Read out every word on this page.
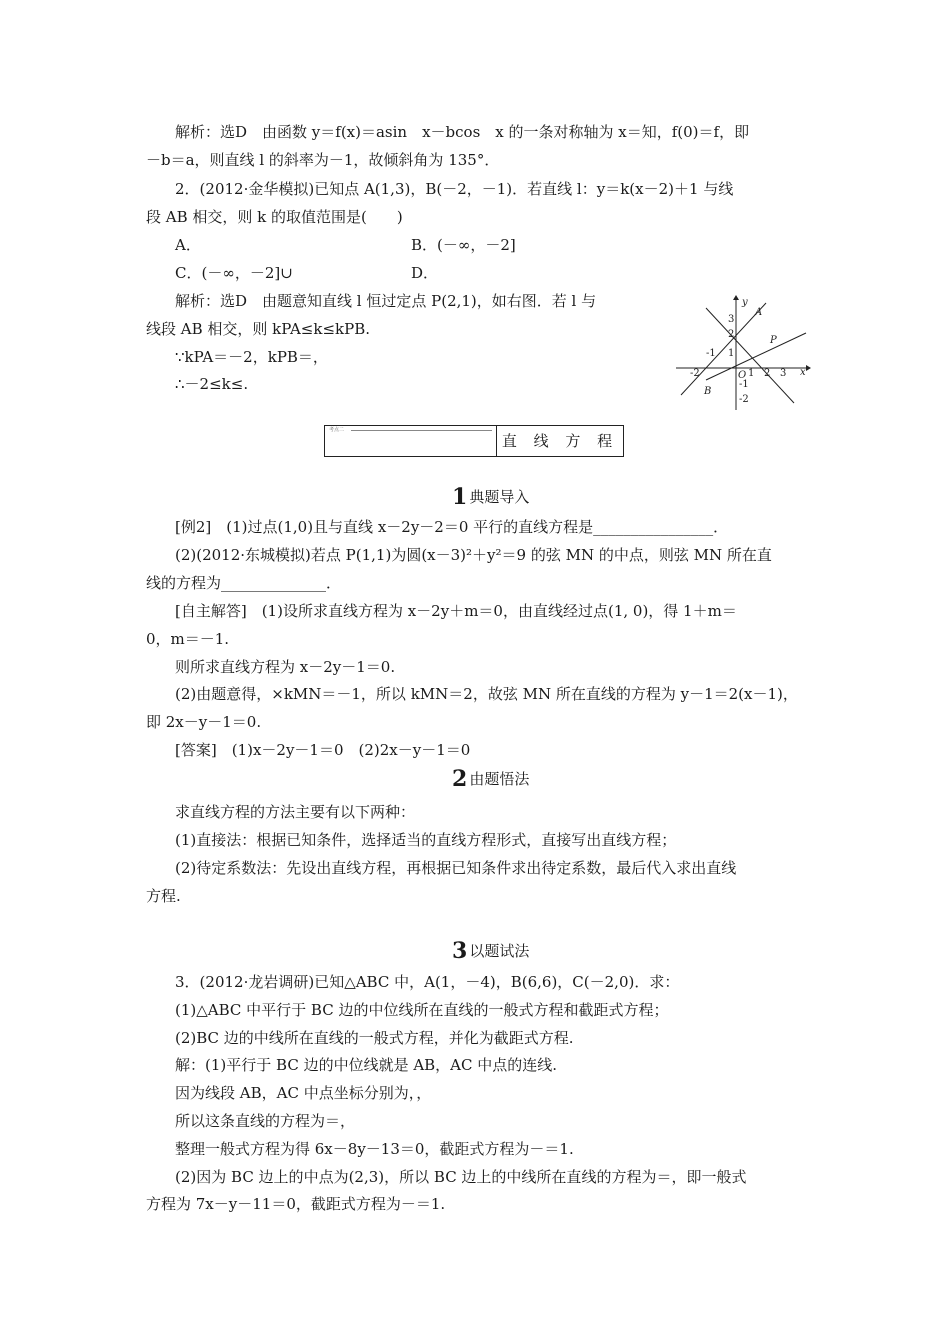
解析：选D　由函数 y＝f(x)＝asin　x－bcos　x 的一条对称轴为 x＝知，f(0)＝f，即
－b＝a，则直线 l 的斜率为－1，故倾斜角为 135°．
2．(2012·金华模拟)已知点 A(1,3)，B(－2，－1)．若直线 l：y＝k(x－2)＋1 与线
段 AB 相交，则 k 的取值范围是(　　)
A．	B．(－∞，－2]
C．(－∞，－2]∪	D．
解析：选D　由题意知直线 l 恒过定点 P(2,1)，如右图．若 l 与
线段 AB 相交，则 kPA≤k≤kPB.
∵kPA＝－2，kPB＝，
∴－2≤k≤.
y
x
A
B
P
O
3
2
1
-1
-2	1 2 3
-1
-2
考点二
直 线 方 程
1 典题导入
[例2]　(1)过点(1,0)且与直线 x－2y－2＝0 平行的直线方程是________________．
(2)(2012·东城模拟)若点 P(1,1)为圆(x－3)²＋y²＝9 的弦 MN 的中点，则弦 MN 所在直
线的方程为______________．
[自主解答]　(1)设所求直线方程为 x－2y＋m＝0，由直线经过点(1, 0)，得 1＋m＝
0，m＝－1.
则所求直线方程为 x－2y－1＝0.
(2)由题意得，×kMN＝－1，所以 kMN＝2，故弦 MN 所在直线的方程为 y－1＝2(x－1)，
即 2x－y－1＝0.
[答案]　(1)x－2y－1＝0　(2)2x－y－1＝0
2 由题悟法
求直线方程的方法主要有以下两种：
(1)直接法：根据已知条件，选择适当的直线方程形式，直接写出直线方程；
(2)待定系数法：先设出直线方程，再根据已知条件求出待定系数，最后代入求出直线
方程.
3 以题试法
3．(2012·龙岩调研)已知△ABC 中，A(1，－4)，B(6,6)，C(－2,0)．求：
(1)△ABC 中平行于 BC 边的中位线所在直线的一般式方程和截距式方程；
(2)BC 边的中线所在直线的一般式方程，并化为截距式方程.
解：(1)平行于 BC 边的中位线就是 AB，AC 中点的连线.
因为线段 AB，AC 中点坐标分别为，，
所以这条直线的方程为＝，
整理一般式方程为得 6x－8y－13＝0，截距式方程为－＝1.
(2)因为 BC 边上的中点为(2,3)，所以 BC 边上的中线所在直线的方程为＝，即一般式
方程为 7x－y－11＝0，截距式方程为－＝1.
